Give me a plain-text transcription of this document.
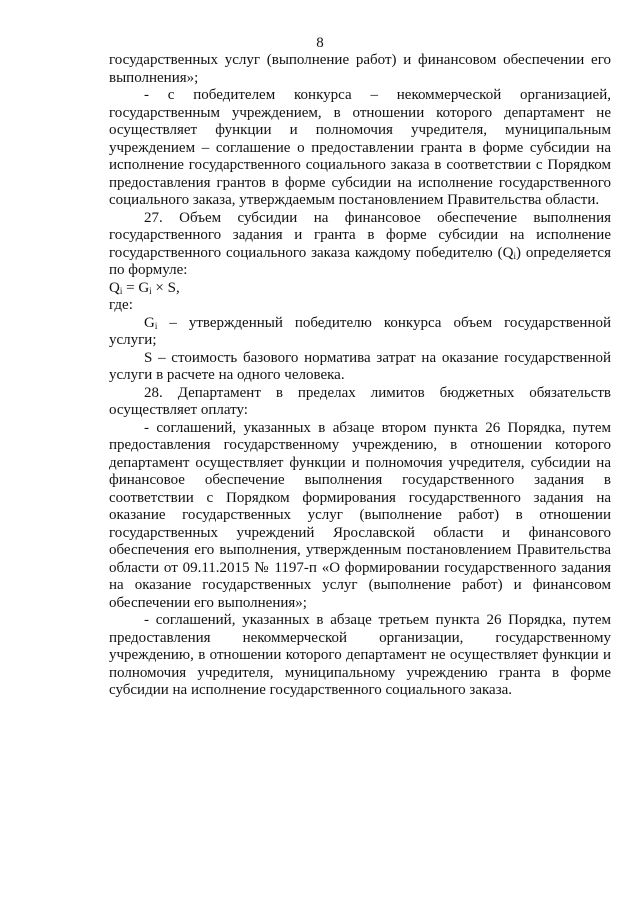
8

государственных услуг (выполнение работ) и финансовом обеспечении его выполнения»;

- с победителем конкурса – некоммерческой организацией, государственным учреждением, в отношении которого департамент не осуществляет функции и полномочия учредителя, муниципальным учреждением – соглашение о предоставлении гранта в форме субсидии на исполнение государственного социального заказа в соответствии с Порядком предоставления грантов в форме субсидии на исполнение государственного социального заказа, утверждаемым постановлением Правительства области.

27. Объем субсидии на финансовое обеспечение выполнения государственного задания и гранта в форме субсидии на исполнение государственного социального заказа каждому победителю (Qi) определяется по формуле:

$Q_i = G_i \times S$,

где:

Gi – утвержденный победителю конкурса объем государственной услуги;

S – стоимость базового норматива затрат на оказание государственной услуги в расчете на одного человека.

28. Департамент в пределах лимитов бюджетных обязательств осуществляет оплату:

- соглашений, указанных в абзаце втором пункта 26 Порядка, путем предоставления государственному учреждению, в отношении которого департамент осуществляет функции и полномочия учредителя, субсидии на финансовое обеспечение выполнения государственного задания в соответствии с Порядком формирования государственного задания на оказание государственных услуг (выполнение работ) в отношении государственных учреждений Ярославской области и финансового обеспечения его выполнения, утвержденным постановлением Правительства области от 09.11.2015 № 1197-п «О формировании государственного задания на оказание государственных услуг (выполнение работ) и финансовом обеспечении его выполнения»;

- соглашений, указанных в абзаце третьем пункта 26 Порядка, путем предоставления некоммерческой организации, государственному учреждению, в отношении которого департамент не осуществляет функции и полномочия учредителя, муниципальному учреждению гранта в форме субсидии на исполнение государственного социального заказа.
